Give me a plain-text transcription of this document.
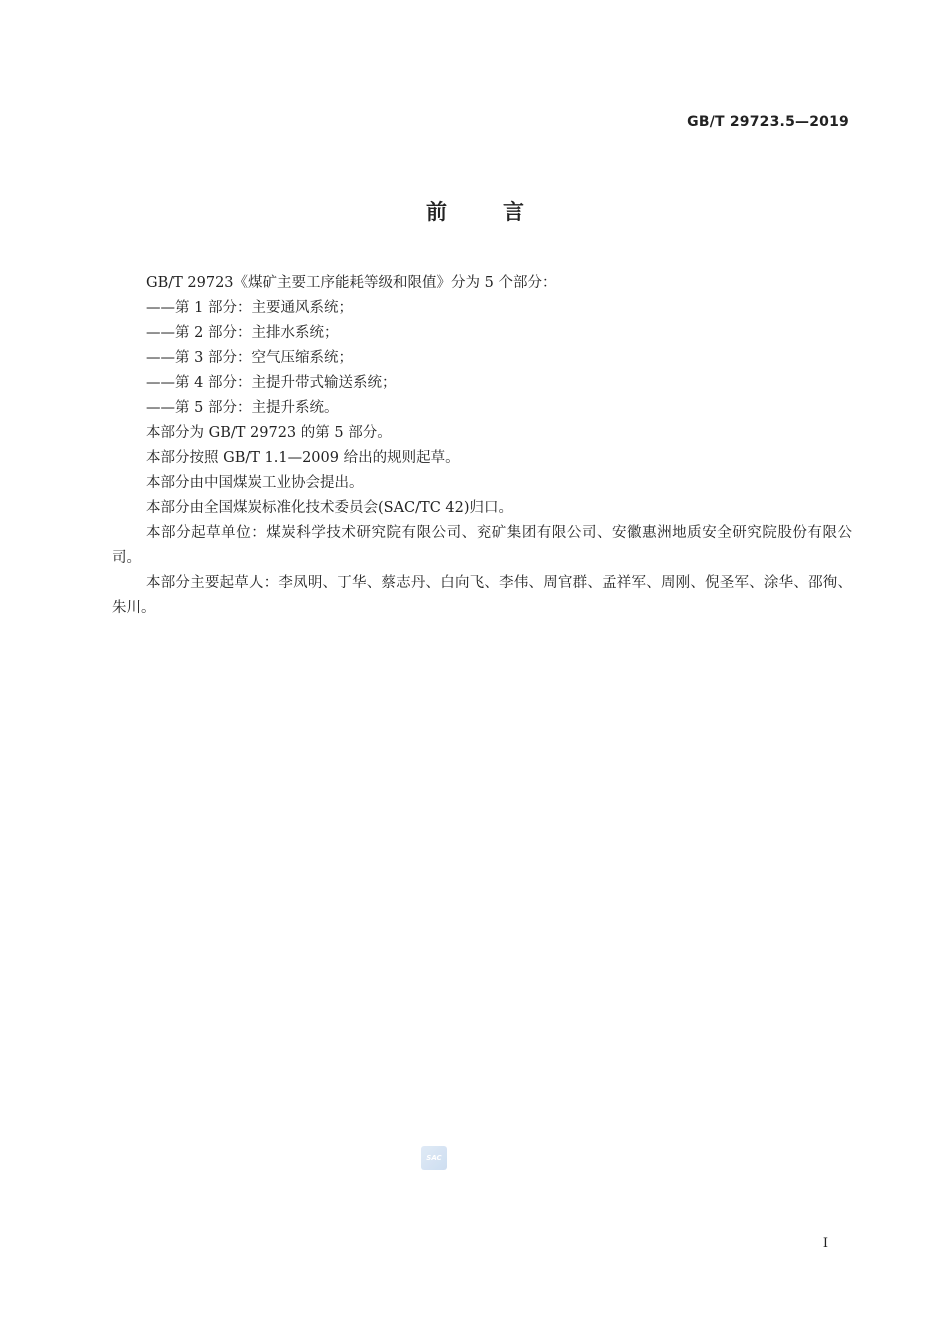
GB/T 29723.5—2019
前言

GB/T 29723《煤矿主要工序能耗等级和限值》分为 5 个部分：

——第 1 部分：主要通风系统；

——第 2 部分：主排水系统；

——第 3 部分：空气压缩系统；

——第 4 部分：主提升带式输送系统；

——第 5 部分：主提升系统。

本部分为 GB/T 29723 的第 5 部分。

本部分按照 GB/T 1.1—2009 给出的规则起草。

本部分由中国煤炭工业协会提出。

本部分由全国煤炭标准化技术委员会(SAC/TC 42)归口。

本部分起草单位：煤炭科学技术研究院有限公司、兖矿集团有限公司、安徽惠洲地质安全研究院股份有限公司。

本部分主要起草人：李凤明、丁华、蔡志丹、白向飞、李伟、周官群、孟祥军、周刚、倪圣军、涂华、邵徇、朱川。

SAC
I
